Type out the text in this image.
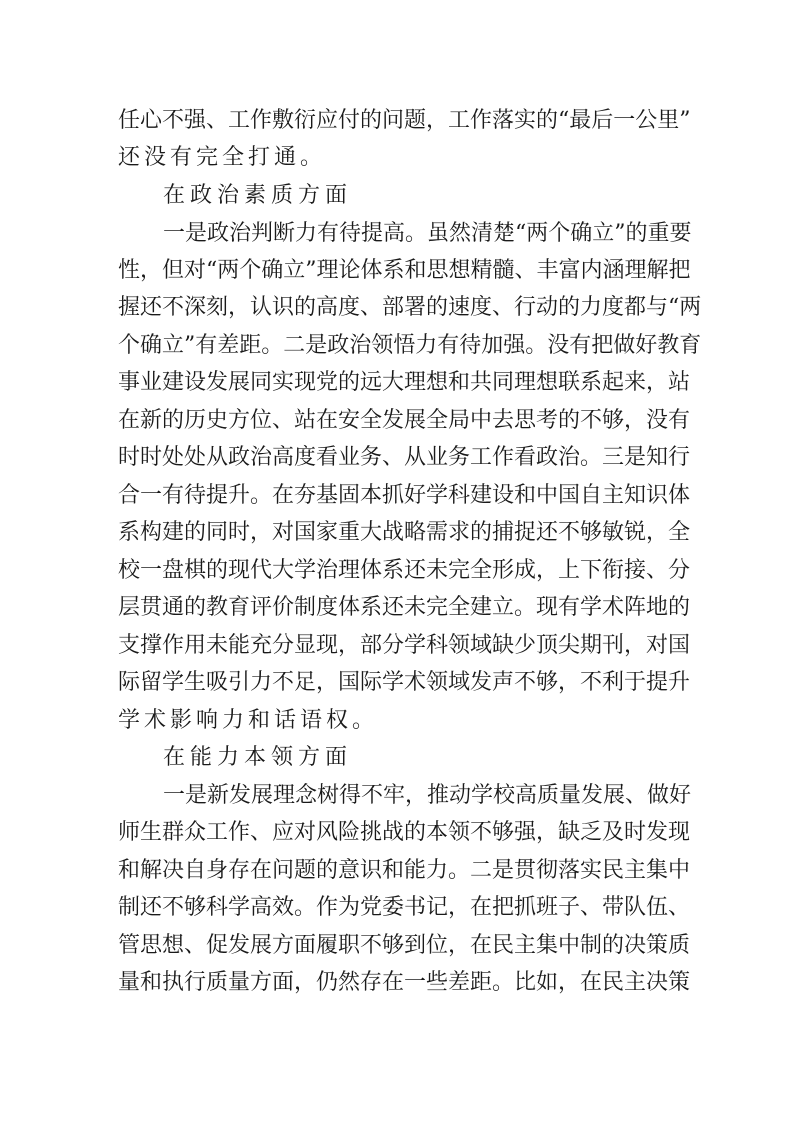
任心不强、工作敷衍应付的问题，工作落实的“最后一公里”
还没有完全打通。
在政治素质方面
一是政治判断力有待提高。虽然清楚“两个确立”的重要
性，但对“两个确立”理论体系和思想精髓、丰富内涵理解把
握还不深刻，认识的高度、部署的速度、行动的力度都与“两
个确立”有差距。二是政治领悟力有待加强。没有把做好教育
事业建设发展同实现党的远大理想和共同理想联系起来，站
在新的历史方位、站在安全发展全局中去思考的不够，没有
时时处处从政治高度看业务、从业务工作看政治。三是知行
合一有待提升。在夯基固本抓好学科建设和中国自主知识体
系构建的同时，对国家重大战略需求的捕捉还不够敏锐，全
校一盘棋的现代大学治理体系还未完全形成，上下衔接、分
层贯通的教育评价制度体系还未完全建立。现有学术阵地的
支撑作用未能充分显现，部分学科领域缺少顶尖期刊，对国
际留学生吸引力不足，国际学术领域发声不够，不利于提升
学术影响力和话语权。
在能力本领方面
一是新发展理念树得不牢，推动学校高质量发展、做好
师生群众工作、应对风险挑战的本领不够强，缺乏及时发现
和解决自身存在问题的意识和能力。二是贯彻落实民主集中
制还不够科学高效。作为党委书记，在把抓班子、带队伍、
管思想、促发展方面履职不够到位，在民主集中制的决策质
量和执行质量方面，仍然存在一些差距。比如，在民主决策
